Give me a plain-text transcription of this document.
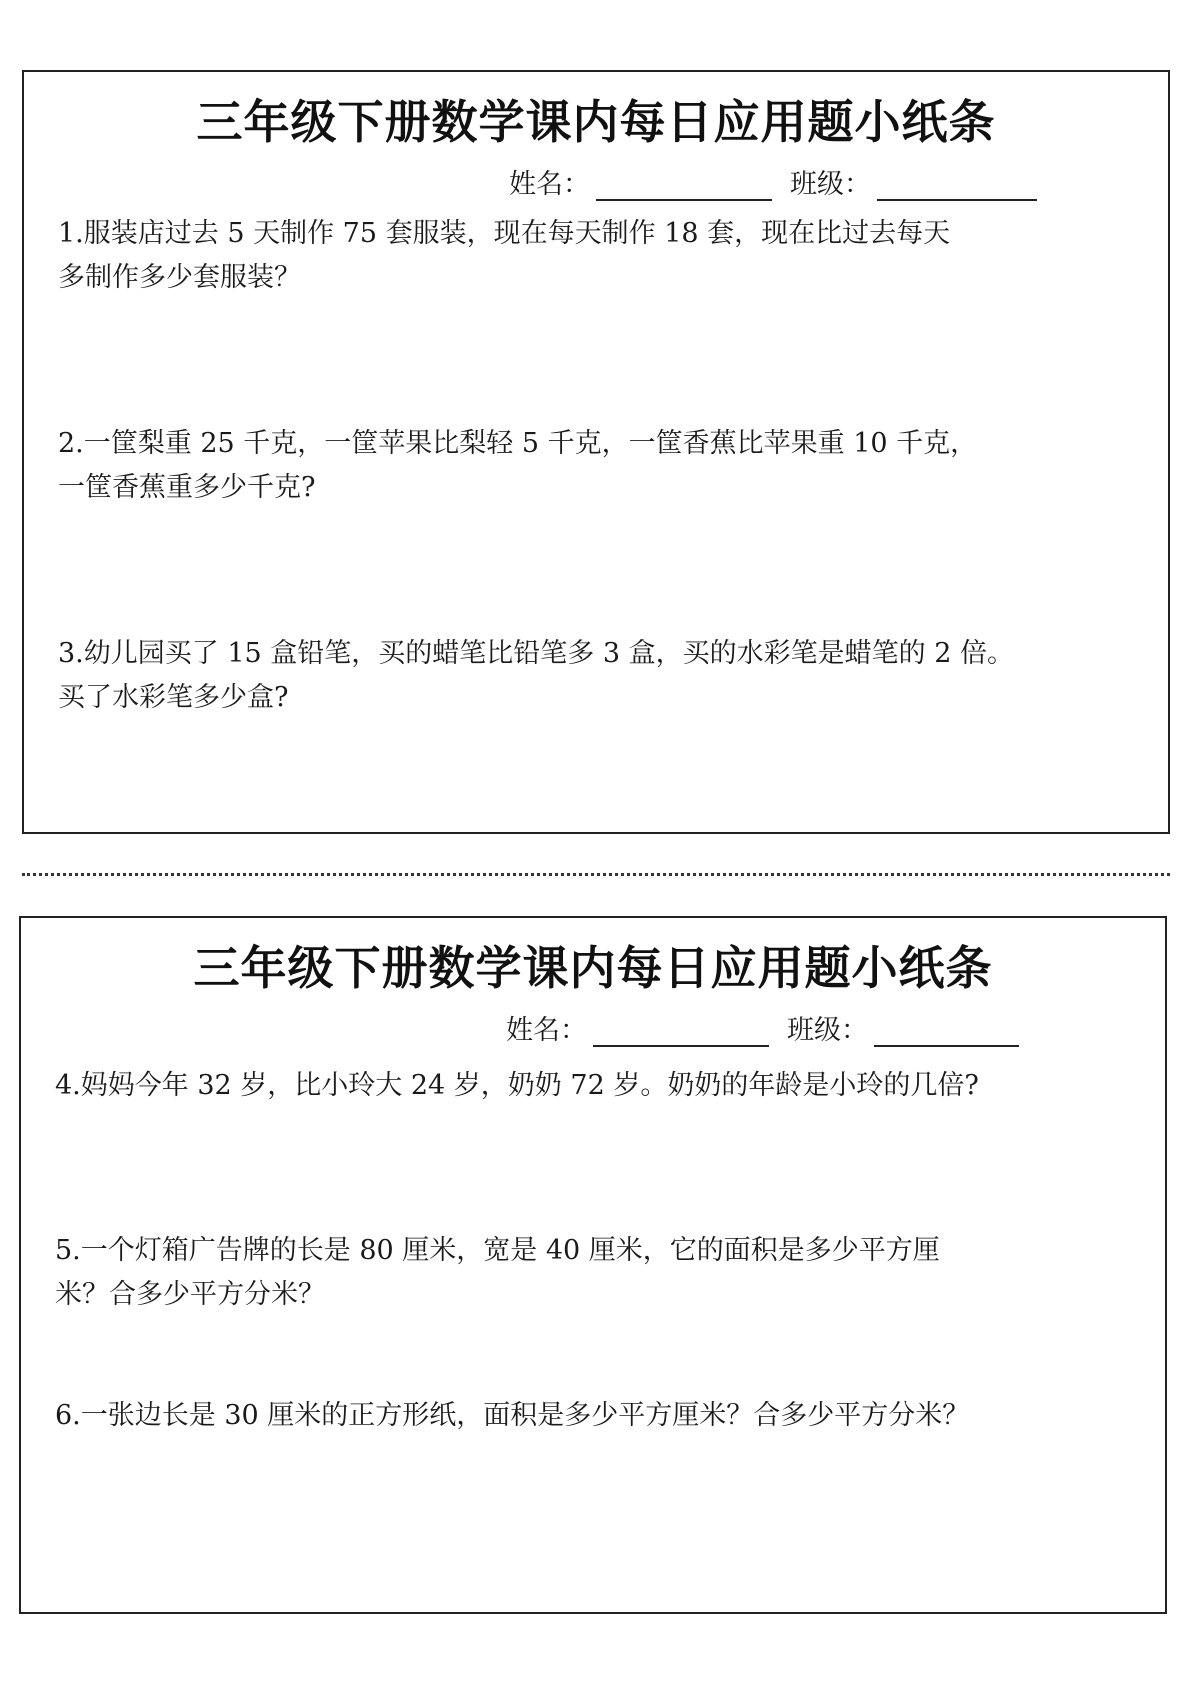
三年级下册数学课内每日应用题小纸条
姓名：	班级：
1.服装店过去 5 天制作 75 套服装，现在每天制作 18 套，现在比过去每天
多制作多少套服装？
2.一筐梨重 25 千克，一筐苹果比梨轻 5 千克，一筐香蕉比苹果重 10 千克，
一筐香蕉重多少千克?
3.幼儿园买了 15 盒铅笔，买的蜡笔比铅笔多 3 盒，买的水彩笔是蜡笔的 2 倍。
买了水彩笔多少盒?
三年级下册数学课内每日应用题小纸条
姓名：	班级：
4.妈妈今年 32 岁，比小玲大 24 岁，奶奶 72 岁。奶奶的年龄是小玲的几倍?
5.一个灯箱广告牌的长是 80 厘米，宽是 40 厘米，它的面积是多少平方厘
米？合多少平方分米？
6.一张边长是 30 厘米的正方形纸，面积是多少平方厘米？合多少平方分米？
